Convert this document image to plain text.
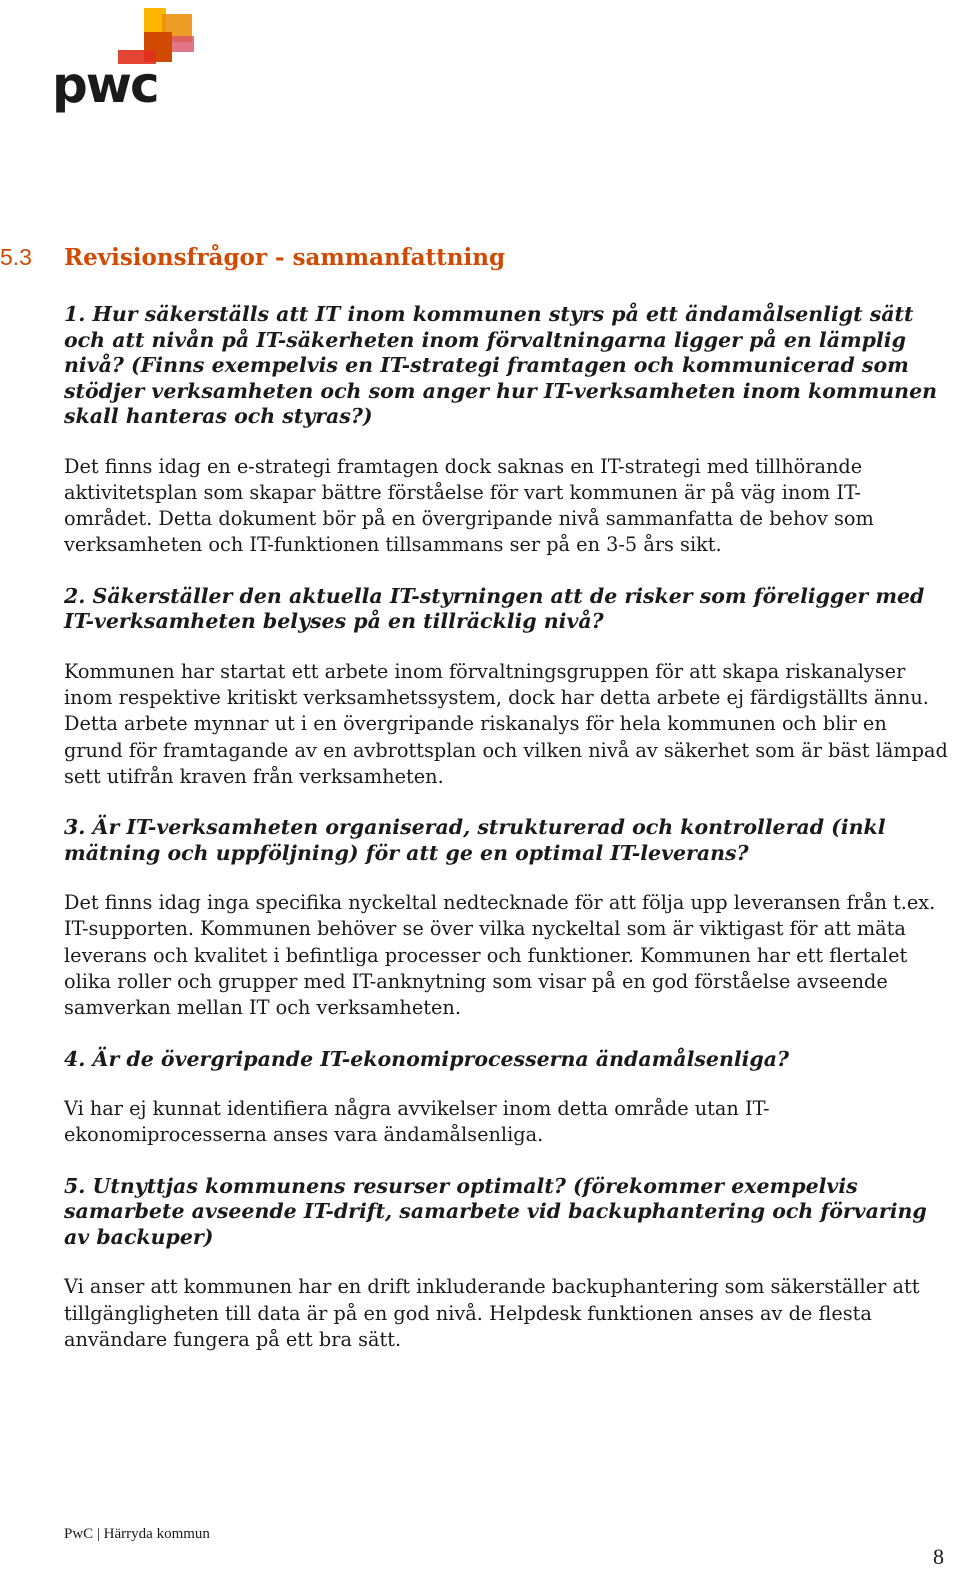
pwc
5.3 Revisionsfrågor - sammanfattning

1. Hur säkerställs att IT inom kommunen styrs på ett ändamålsenligt sätt och att nivån på IT-säkerheten inom förvaltningarna ligger på en lämplig nivå? (Finns exempelvis en IT-strategi framtagen och kommunicerad som stödjer verksamheten och som anger hur IT-verksamheten inom kommunen skall hanteras och styras?)

Det finns idag en e-strategi framtagen dock saknas en IT-strategi med tillhörande aktivitetsplan som skapar bättre förståelse för vart kommunen är på väg inom IT-området. Detta dokument bör på en övergripande nivå sammanfatta de behov som verksamheten och IT-funktionen tillsammans ser på en 3-5 års sikt.

2. Säkerställer den aktuella IT-styrningen att de risker som föreligger med IT-verksamheten belyses på en tillräcklig nivå?

Kommunen har startat ett arbete inom förvaltningsgruppen för att skapa riskanalyser inom respektive kritiskt verksamhetssystem, dock har detta arbete ej färdigställts ännu. Detta arbete mynnar ut i en övergripande riskanalys för hela kommunen och blir en grund för framtagande av en avbrottsplan och vilken nivå av säkerhet som är bäst lämpad sett utifrån kraven från verksamheten.

3. Är IT-verksamheten organiserad, strukturerad och kontrollerad (inkl mätning och uppföljning) för att ge en optimal IT-leverans?

Det finns idag inga specifika nyckeltal nedtecknade för att följa upp leveransen från t.ex. IT-supporten. Kommunen behöver se över vilka nyckeltal som är viktigast för att mäta leverans och kvalitet i befintliga processer och funktioner. Kommunen har ett flertalet olika roller och grupper med IT-anknytning som visar på en god förståelse avseende samverkan mellan IT och verksamheten.

4. Är de övergripande IT-ekonomiprocesserna ändamålsenliga?

Vi har ej kunnat identifiera några avvikelser inom detta område utan IT-ekonomiprocesserna anses vara ändamålsenliga.

5. Utnyttjas kommunens resurser optimalt? (förekommer exempelvis samarbete avseende IT-drift, samarbete vid backuphantering och förvaring av backuper)

Vi anser att kommunen har en drift inkluderande backuphantering som säkerställer att tillgängligheten till data är på en god nivå. Helpdesk funktionen anses av de flesta användare fungera på ett bra sätt.

PwC | Härryda kommun
8
